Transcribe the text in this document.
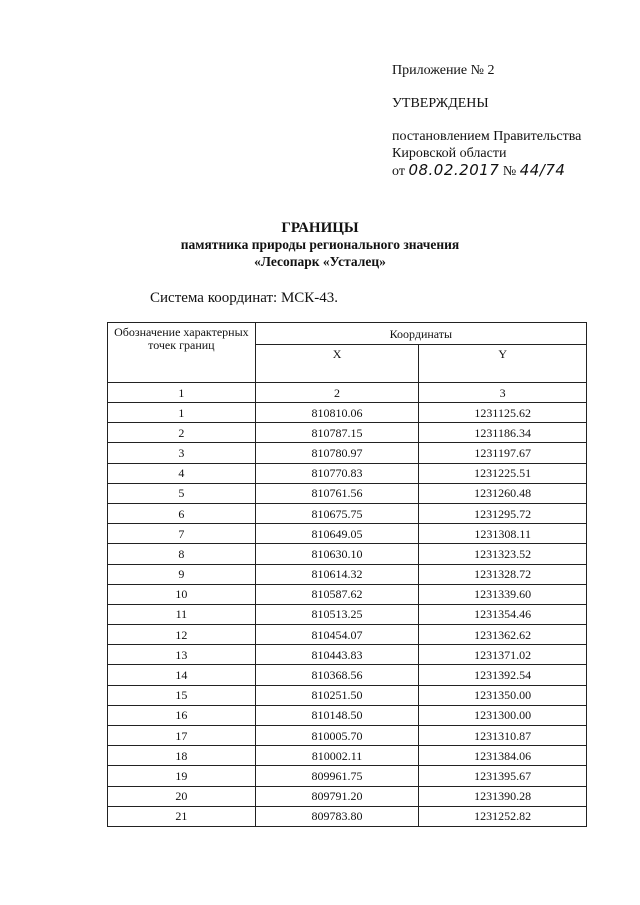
Приложение № 2
УТВЕРЖДЕНЫ
постановлением Правительства
Кировской области
от 08.02.2017 № 44/74
ГРАНИЦЫ
памятника природы регионального значения
«Лесопарк «Усталец»
Система координат: МСК-43.
Обозначение характерных точек границ	Координаты	
	X	Y
1	2	3
1	810810.06	1231125.62
2	810787.15	1231186.34
3	810780.97	1231197.67
4	810770.83	1231225.51
5	810761.56	1231260.48
6	810675.75	1231295.72
7	810649.05	1231308.11
8	810630.10	1231323.52
9	810614.32	1231328.72
10	810587.62	1231339.60
11	810513.25	1231354.46
12	810454.07	1231362.62
13	810443.83	1231371.02
14	810368.56	1231392.54
15	810251.50	1231350.00
16	810148.50	1231300.00
17	810005.70	1231310.87
18	810002.11	1231384.06
19	809961.75	1231395.67
20	809791.20	1231390.28
21	809783.80	1231252.82
